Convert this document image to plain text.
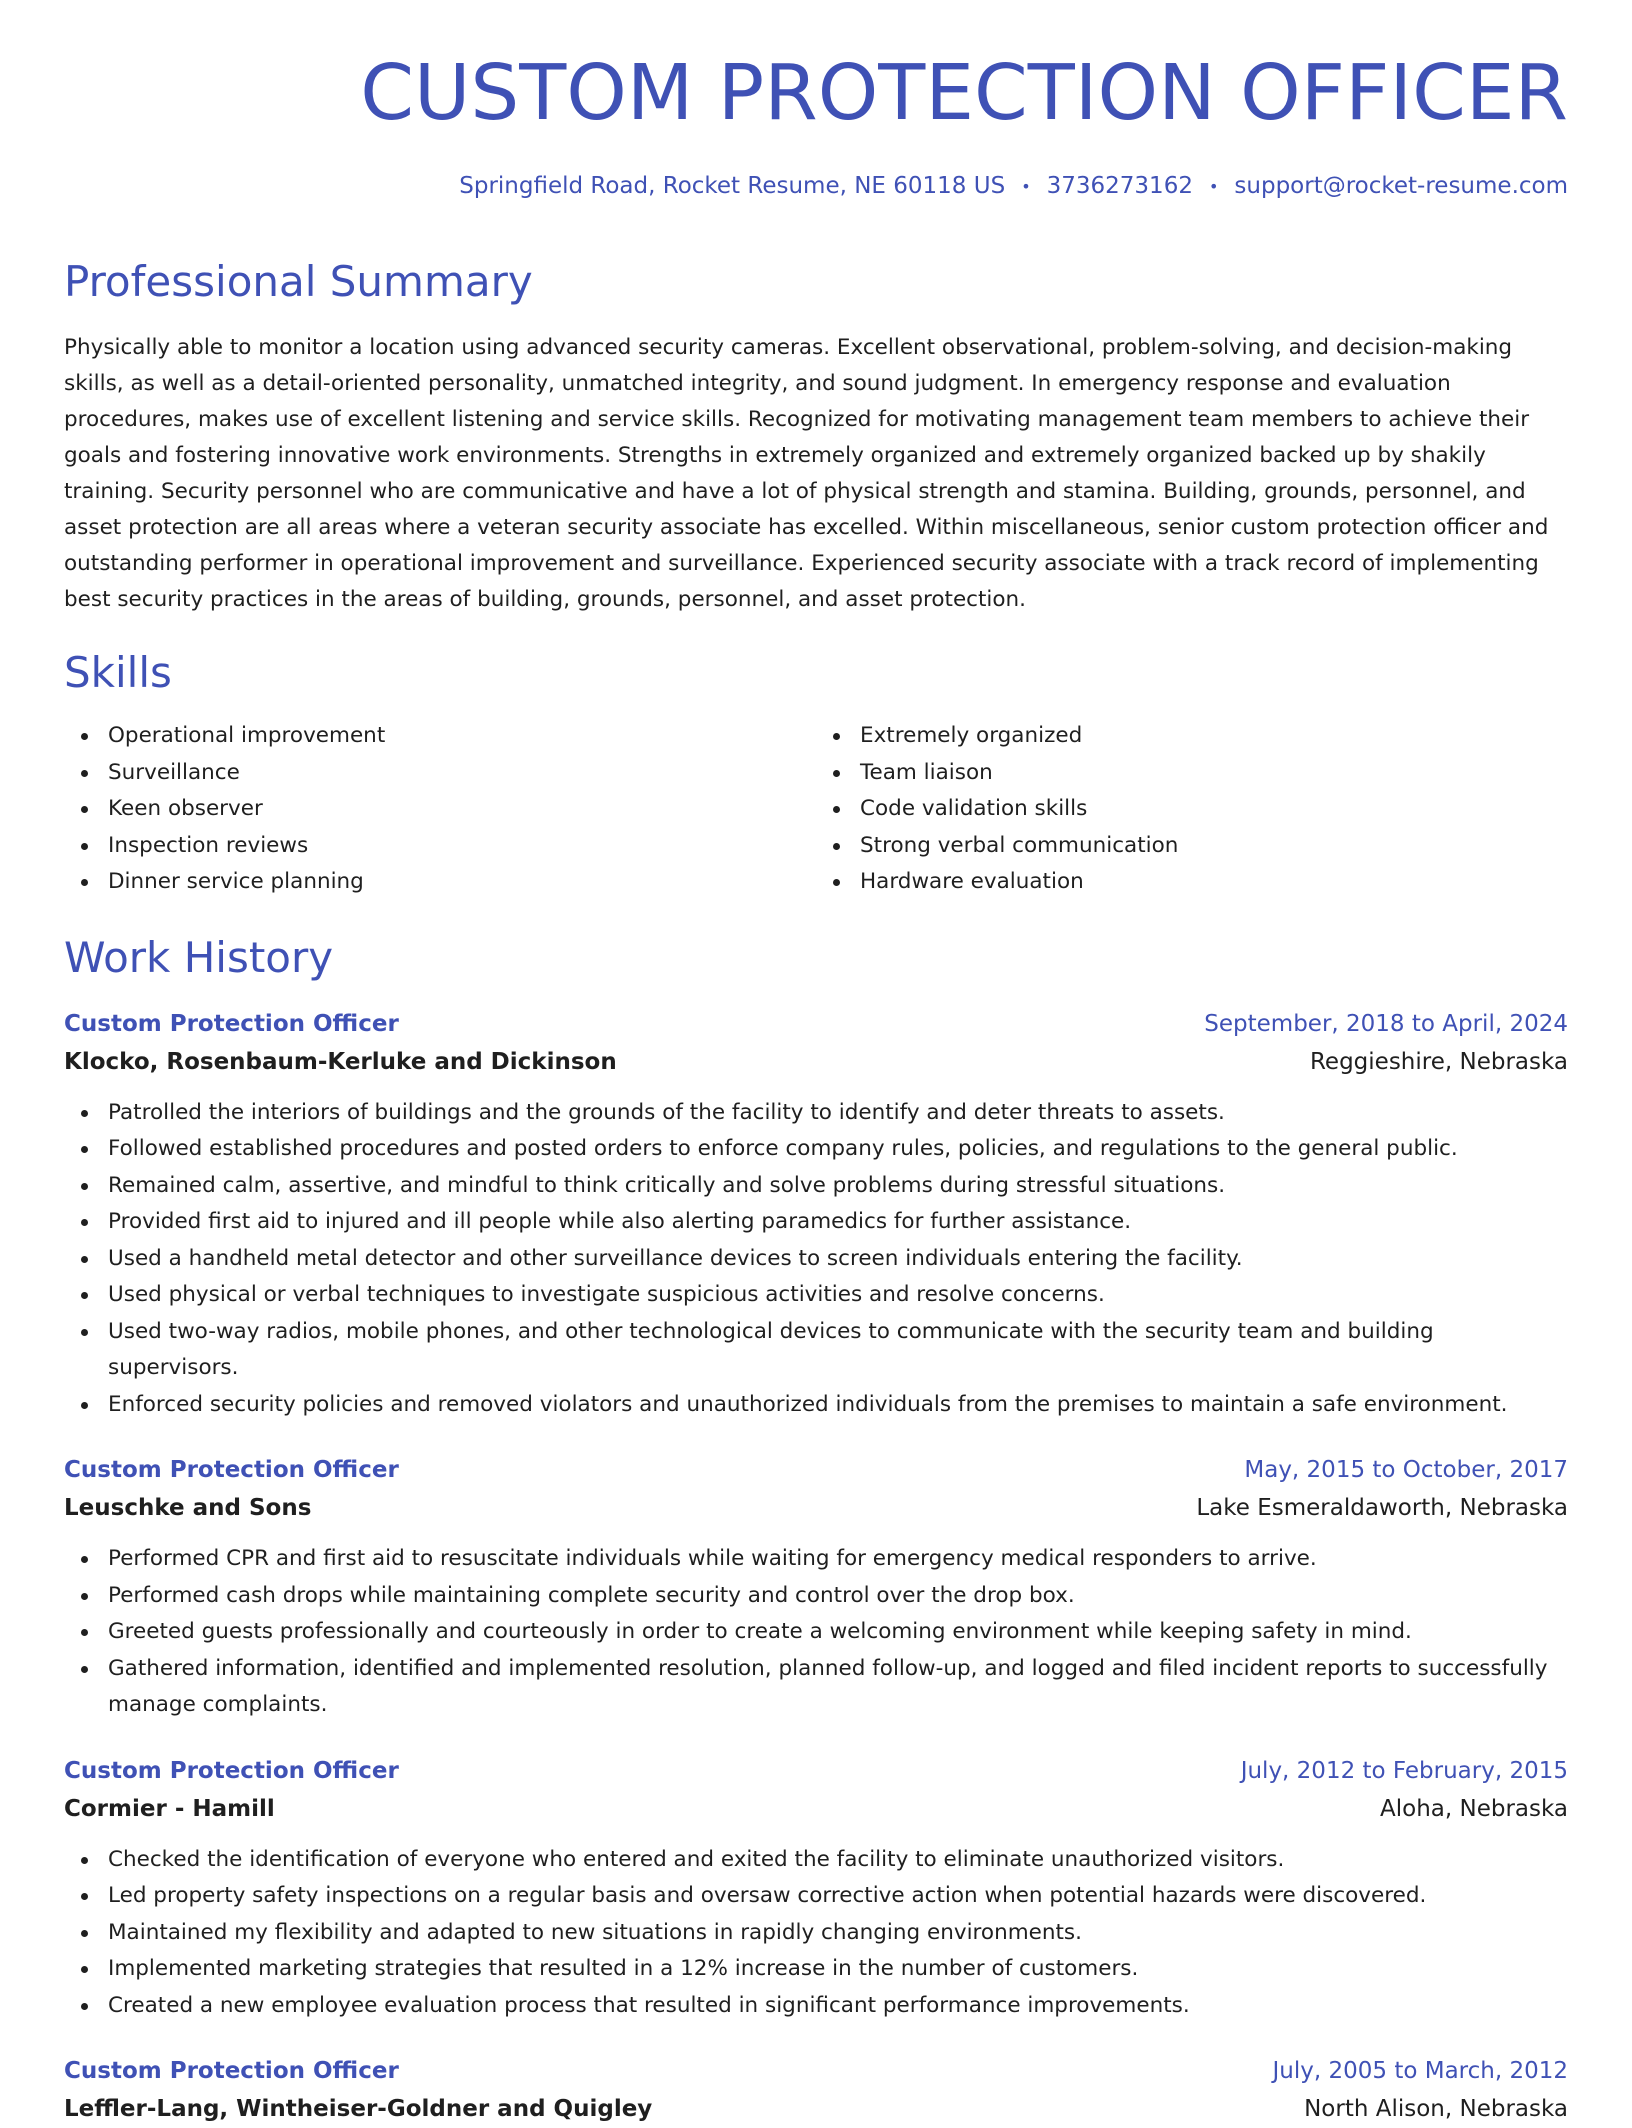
CUSTOM PROTECTION OFFICER
Springfield Road, Rocket Resume, NE 60118 US • 3736273162 • support@rocket-resume.com
Professional Summary
Physically able to monitor a location using advanced security cameras. Excellent observational, problem-solving, and decision-making skills, as well as a detail-oriented personality, unmatched integrity, and sound judgment. In emergency response and evaluation procedures, makes use of excellent listening and service skills. Recognized for motivating management team members to achieve their goals and fostering innovative work environments. Strengths in extremely organized and extremely organized backed up by shakily training. Security personnel who are communicative and have a lot of physical strength and stamina. Building, grounds, personnel, and asset protection are all areas where a veteran security associate has excelled. Within miscellaneous, senior custom protection officer and outstanding performer in operational improvement and surveillance. Experienced security associate with a track record of implementing best security practices in the areas of building, grounds, personnel, and asset protection.
Skills
Operational improvement
Surveillance
Keen observer
Inspection reviews
Dinner service planning
Extremely organized
Team liaison
Code validation skills
Strong verbal communication
Hardware evaluation
Work History
Custom Protection Officer	September, 2018 to April, 2024
Klocko, Rosenbaum-Kerluke and Dickinson	Reggieshire, Nebraska
Patrolled the interiors of buildings and the grounds of the facility to identify and deter threats to assets.
Followed established procedures and posted orders to enforce company rules, policies, and regulations to the general public.
Remained calm, assertive, and mindful to think critically and solve problems during stressful situations.
Provided first aid to injured and ill people while also alerting paramedics for further assistance.
Used a handheld metal detector and other surveillance devices to screen individuals entering the facility.
Used physical or verbal techniques to investigate suspicious activities and resolve concerns.
Used two-way radios, mobile phones, and other technological devices to communicate with the security team and building supervisors.
Enforced security policies and removed violators and unauthorized individuals from the premises to maintain a safe environment.
Custom Protection Officer	May, 2015 to October, 2017
Leuschke and Sons	Lake Esmeraldaworth, Nebraska
Performed CPR and first aid to resuscitate individuals while waiting for emergency medical responders to arrive.
Performed cash drops while maintaining complete security and control over the drop box.
Greeted guests professionally and courteously in order to create a welcoming environment while keeping safety in mind.
Gathered information, identified and implemented resolution, planned follow-up, and logged and filed incident reports to successfully manage complaints.
Custom Protection Officer	July, 2012 to February, 2015
Cormier - Hamill	Aloha, Nebraska
Checked the identification of everyone who entered and exited the facility to eliminate unauthorized visitors.
Led property safety inspections on a regular basis and oversaw corrective action when potential hazards were discovered.
Maintained my flexibility and adapted to new situations in rapidly changing environments.
Implemented marketing strategies that resulted in a 12% increase in the number of customers.
Created a new employee evaluation process that resulted in significant performance improvements.
Custom Protection Officer	July, 2005 to March, 2012
Leffler-Lang, Wintheiser-Goldner and Quigley	North Alison, Nebraska
